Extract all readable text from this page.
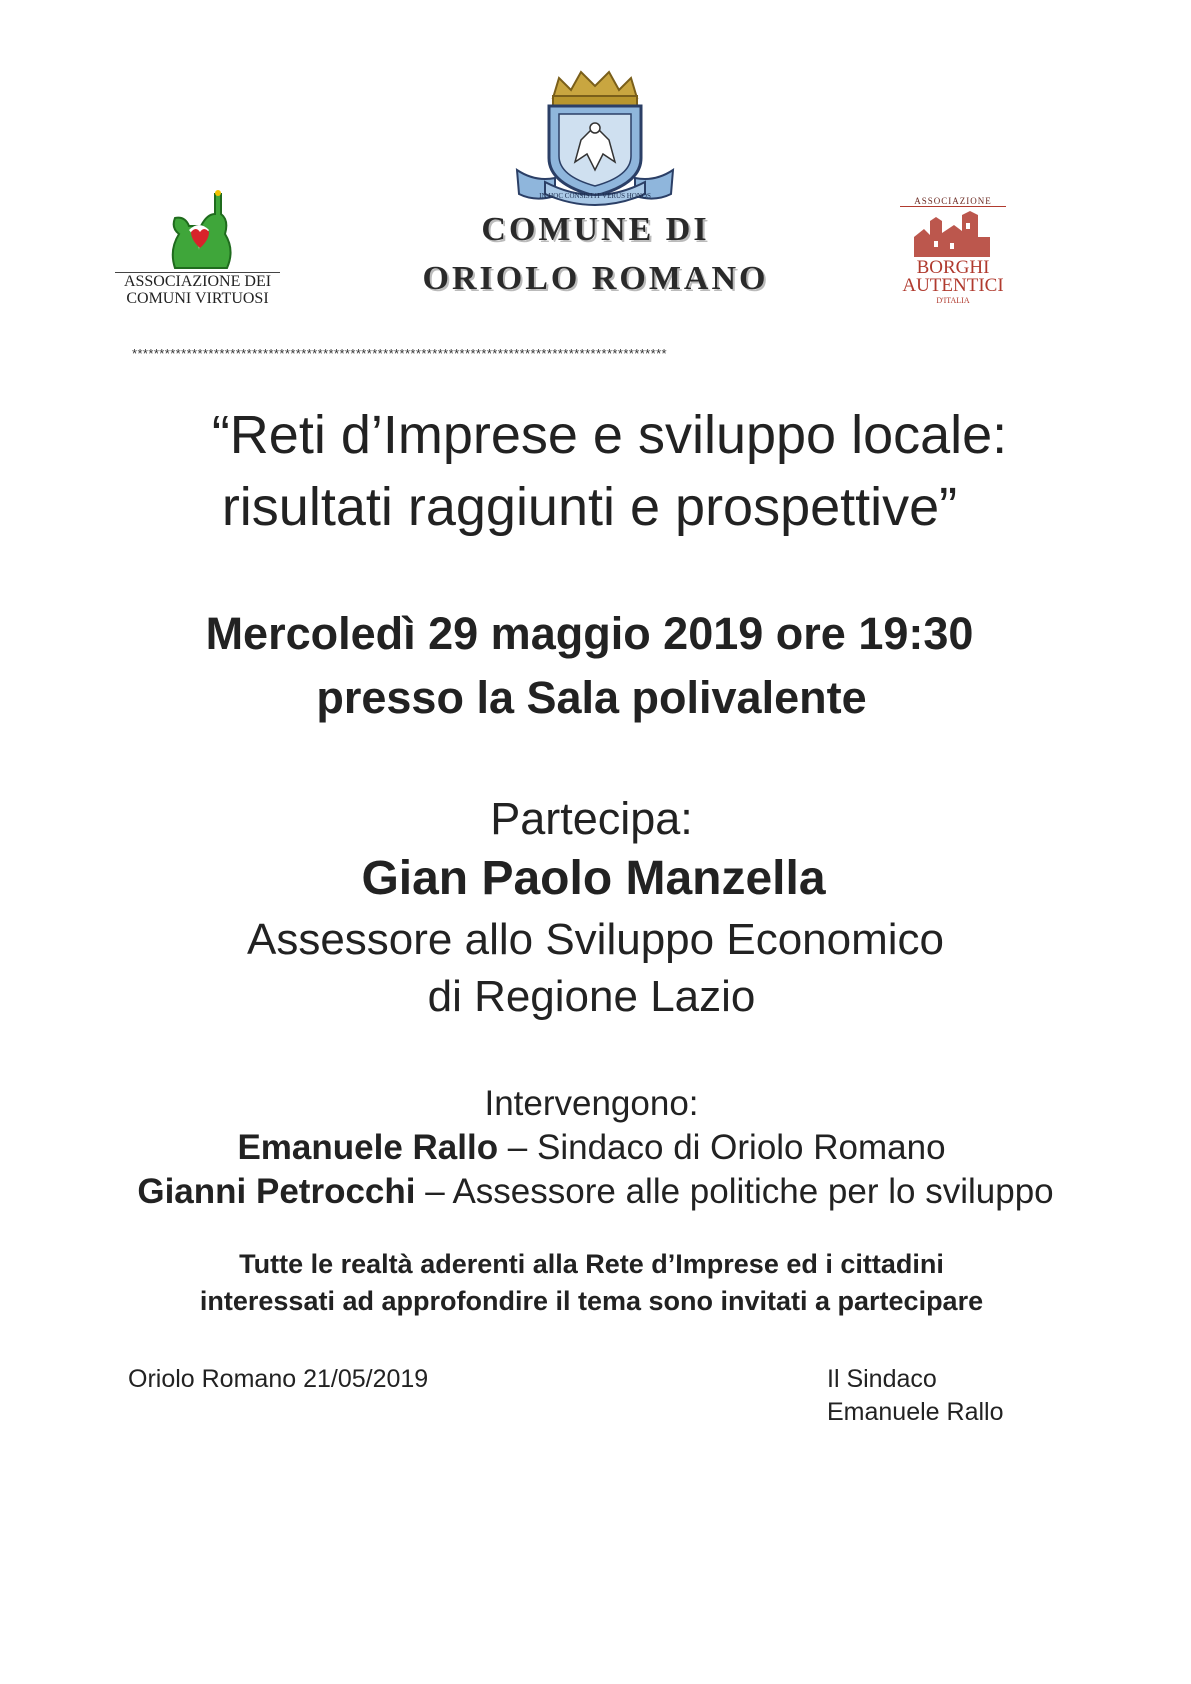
IN HOC CONSISTIT VERUS HONOS
ASSOCIAZIONE DEI
COMUNI VIRTUOSI
COMUNE DI
ORIOLO ROMANO
ASSOCIAZIONE
BORGHI
AUTENTICI
D'ITALIA
**************************************************************************************************
“Reti d’Imprese e sviluppo locale:
risultati raggiunti e prospettive”
Mercoledì 29 maggio 2019 ore 19:30
presso la Sala polivalente
Partecipa:
Gian Paolo Manzella
Assessore allo Sviluppo Economico
di Regione Lazio
Intervengono:
Emanuele Rallo – Sindaco di Oriolo Romano
Gianni Petrocchi – Assessore alle politiche per lo sviluppo
Tutte le realtà aderenti alla Rete d’Imprese ed i cittadini
interessati ad approfondire il tema sono invitati a partecipare
Oriolo Romano 21/05/2019	Il Sindaco
Emanuele Rallo
